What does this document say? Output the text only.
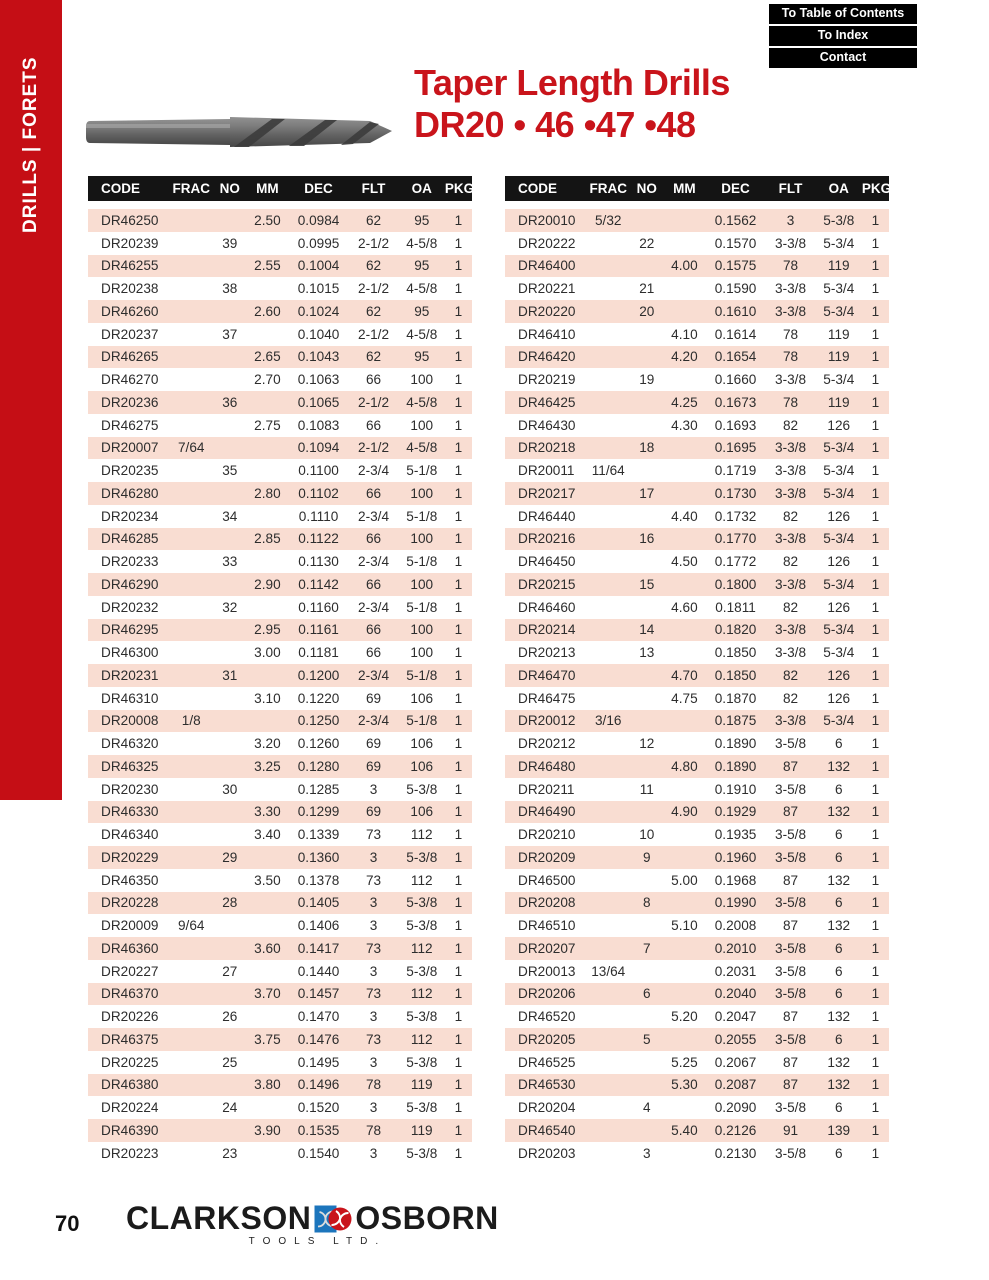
DRILLS | FORETS
To Table of Contents
To Index
Contact
Taper Length Drills
DR20 • 46 •47 •48
CODE	FRAC	NO	MM	DEC	FLT	OA	PKG

DR46250			2.50	0.0984	62	95	1
DR20239		39		0.0995	2-1/2	4-5/8	1
DR46255			2.55	0.1004	62	95	1
DR20238		38		0.1015	2-1/2	4-5/8	1
DR46260			2.60	0.1024	62	95	1
DR20237		37		0.1040	2-1/2	4-5/8	1
DR46265			2.65	0.1043	62	95	1
DR46270			2.70	0.1063	66	100	1
DR20236		36		0.1065	2-1/2	4-5/8	1
DR46275			2.75	0.1083	66	100	1
DR20007	7/64			0.1094	2-1/2	4-5/8	1
DR20235		35		0.1100	2-3/4	5-1/8	1
DR46280			2.80	0.1102	66	100	1
DR20234		34		0.1110	2-3/4	5-1/8	1
DR46285			2.85	0.1122	66	100	1
DR20233		33		0.1130	2-3/4	5-1/8	1
DR46290			2.90	0.1142	66	100	1
DR20232		32		0.1160	2-3/4	5-1/8	1
DR46295			2.95	0.1161	66	100	1
DR46300			3.00	0.1181	66	100	1
DR20231		31		0.1200	2-3/4	5-1/8	1
DR46310			3.10	0.1220	69	106	1
DR20008	1/8			0.1250	2-3/4	5-1/8	1
DR46320			3.20	0.1260	69	106	1
DR46325			3.25	0.1280	69	106	1
DR20230		30		0.1285	3	5-3/8	1
DR46330			3.30	0.1299	69	106	1
DR46340			3.40	0.1339	73	112	1
DR20229		29		0.1360	3	5-3/8	1
DR46350			3.50	0.1378	73	112	1
DR20228		28		0.1405	3	5-3/8	1
DR20009	9/64			0.1406	3	5-3/8	1
DR46360			3.60	0.1417	73	112	1
DR20227		27		0.1440	3	5-3/8	1
DR46370			3.70	0.1457	73	112	1
DR20226		26		0.1470	3	5-3/8	1
DR46375			3.75	0.1476	73	112	1
DR20225		25		0.1495	3	5-3/8	1
DR46380			3.80	0.1496	78	119	1
DR20224		24		0.1520	3	5-3/8	1
DR46390			3.90	0.1535	78	119	1
DR20223		23		0.1540	3	5-3/8	1
CODE	FRAC	NO	MM	DEC	FLT	OA	PKG

DR20010	5/32			0.1562	3	5-3/8	1
DR20222		22		0.1570	3-3/8	5-3/4	1
DR46400			4.00	0.1575	78	119	1
DR20221		21		0.1590	3-3/8	5-3/4	1
DR20220		20		0.1610	3-3/8	5-3/4	1
DR46410			4.10	0.1614	78	119	1
DR46420			4.20	0.1654	78	119	1
DR20219		19		0.1660	3-3/8	5-3/4	1
DR46425			4.25	0.1673	78	119	1
DR46430			4.30	0.1693	82	126	1
DR20218		18		0.1695	3-3/8	5-3/4	1
DR20011	11/64			0.1719	3-3/8	5-3/4	1
DR20217		17		0.1730	3-3/8	5-3/4	1
DR46440			4.40	0.1732	82	126	1
DR20216		16		0.1770	3-3/8	5-3/4	1
DR46450			4.50	0.1772	82	126	1
DR20215		15		0.1800	3-3/8	5-3/4	1
DR46460			4.60	0.1811	82	126	1
DR20214		14		0.1820	3-3/8	5-3/4	1
DR20213		13		0.1850	3-3/8	5-3/4	1
DR46470			4.70	0.1850	82	126	1
DR46475			4.75	0.1870	82	126	1
DR20012	3/16			0.1875	3-3/8	5-3/4	1
DR20212		12		0.1890	3-5/8	6	1
DR46480			4.80	0.1890	87	132	1
DR20211		11		0.1910	3-5/8	6	1
DR46490			4.90	0.1929	87	132	1
DR20210		10		0.1935	3-5/8	6	1
DR20209		9		0.1960	3-5/8	6	1
DR46500			5.00	0.1968	87	132	1
DR20208		8		0.1990	3-5/8	6	1
DR46510			5.10	0.2008	87	132	1
DR20207		7		0.2010	3-5/8	6	1
DR20013	13/64			0.2031	3-5/8	6	1
DR20206		6		0.2040	3-5/8	6	1
DR46520			5.20	0.2047	87	132	1
DR20205		5		0.2055	3-5/8	6	1
DR46525			5.25	0.2067	87	132	1
DR46530			5.30	0.2087	87	132	1
DR20204		4		0.2090	3-5/8	6	1
DR46540			5.40	0.2126	91	139	1
DR20203		3		0.2130	3-5/8	6	1
70 CLARKSON OSBORN
TOOLS LTD.
